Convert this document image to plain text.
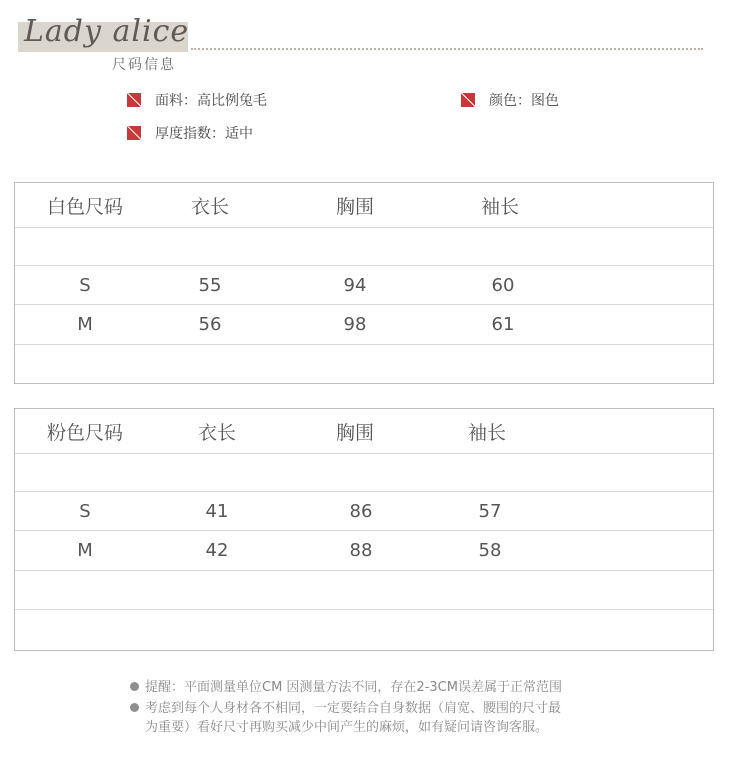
Lady alice
尺码信息
面料： 高比例兔毛	颜色： 图色
厚度指数： 适中
白色尺码	衣长	胸围	袖长
S	55	94	60
M	56	98	61
粉色尺码	衣长	胸围	袖长
S	41	86	57
M	42	88	58
提醒：平面测量单位CM 因测量方法不同，存在2-3CM误差属于正常范围
考虑到每个人身材各不相同，一定要结合自身数据（肩宽、腰围的尺寸最
为重要）看好尺寸再购买减少中间产生的麻烦，如有疑问请咨询客服。
